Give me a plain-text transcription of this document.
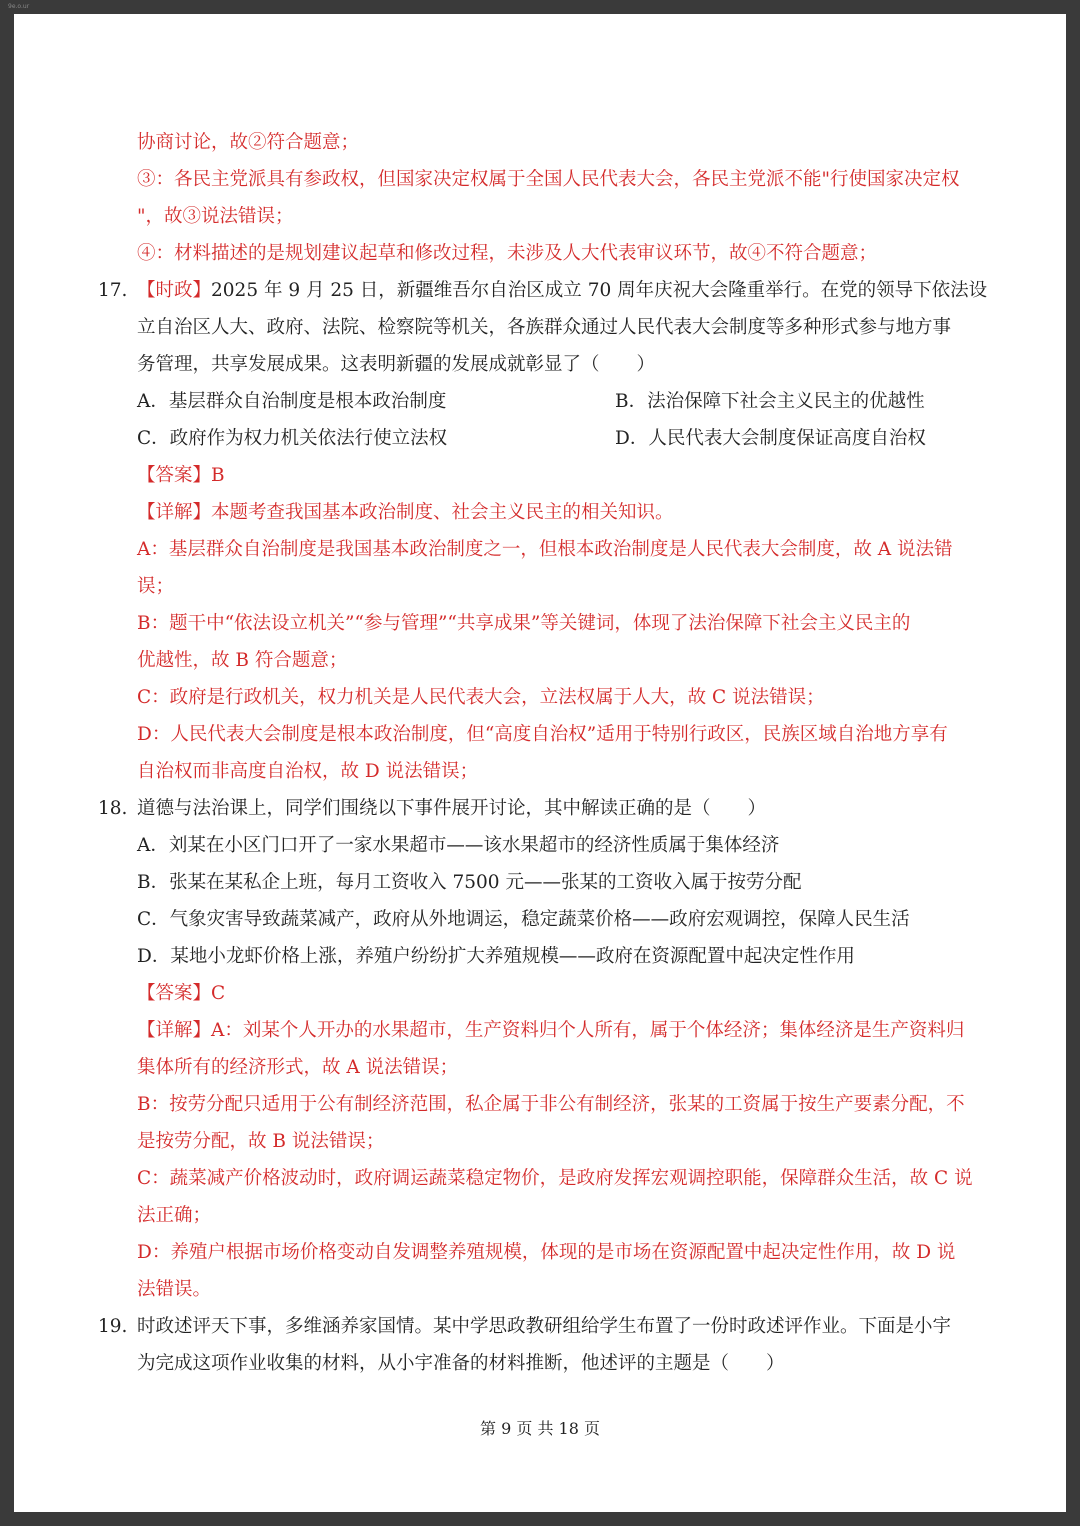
9e.o.ur
协商讨论，故②符合题意；
③：各民主党派具有参政权，但国家决定权属于全国人民代表大会，各民主党派不能"行使国家决定权
"，故③说法错误；
④：材料描述的是规划建议起草和修改过程，未涉及人大代表审议环节，故④不符合题意；
17. 【时政】2025 年 9 月 25 日，新疆维吾尔自治区成立 70 周年庆祝大会隆重举行。在党的领导下依法设
立自治区人大、政府、法院、检察院等机关，各族群众通过人民代表大会制度等多种形式参与地方事
务管理，共享发展成果。这表明新疆的发展成就彰显了（　　）
A．基层群众自治制度是根本政治制度	B．法治保障下社会主义民主的优越性
C．政府作为权力机关依法行使立法权	D．人民代表大会制度保证高度自治权
【答案】B
【详解】本题考查我国基本政治制度、社会主义民主的相关知识。
A：基层群众自治制度是我国基本政治制度之一，但根本政治制度是人民代表大会制度，故 A 说法错
误；
B：题干中“依法设立机关”“参与管理”“共享成果”等关键词，体现了法治保障下社会主义民主的
优越性，故 B 符合题意；
C：政府是行政机关，权力机关是人民代表大会，立法权属于人大，故 C 说法错误；
D：人民代表大会制度是根本政治制度，但“高度自治权”适用于特别行政区，民族区域自治地方享有
自治权而非高度自治权，故 D 说法错误；
18. 道德与法治课上，同学们围绕以下事件展开讨论，其中解读正确的是（　　）
A．刘某在小区门口开了一家水果超市——该水果超市的经济性质属于集体经济
B．张某在某私企上班，每月工资收入 7500 元——张某的工资收入属于按劳分配
C．气象灾害导致蔬菜减产，政府从外地调运，稳定蔬菜价格——政府宏观调控，保障人民生活
D．某地小龙虾价格上涨，养殖户纷纷扩大养殖规模——政府在资源配置中起决定性作用
【答案】C
【详解】A：刘某个人开办的水果超市，生产资料归个人所有，属于个体经济；集体经济是生产资料归
集体所有的经济形式，故 A 说法错误；
B：按劳分配只适用于公有制经济范围，私企属于非公有制经济，张某的工资属于按生产要素分配，不
是按劳分配，故 B 说法错误；
C：蔬菜减产价格波动时，政府调运蔬菜稳定物价，是政府发挥宏观调控职能，保障群众生活，故 C 说
法正确；
D：养殖户根据市场价格变动自发调整养殖规模，体现的是市场在资源配置中起决定性作用，故 D 说
法错误。
19. 时政述评天下事，多维涵养家国情。某中学思政教研组给学生布置了一份时政述评作业。下面是小宇
为完成这项作业收集的材料，从小宇准备的材料推断，他述评的主题是（　　）
第 9 页 共 18 页
